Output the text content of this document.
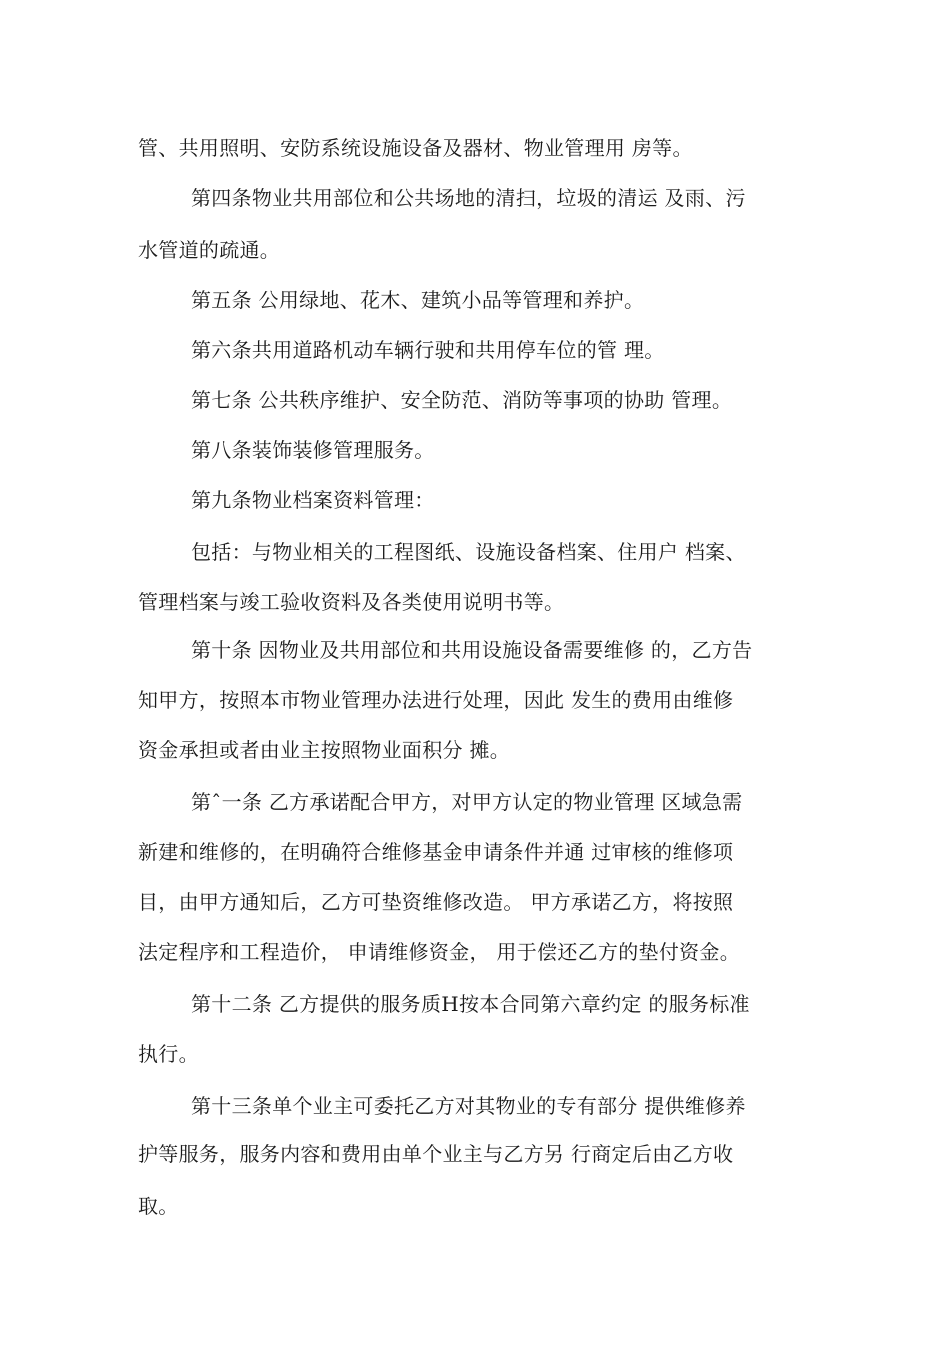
管、共用照明、安防系统设施设备及器材、物业管理用 房等。
第四条物业共用部位和公共场地的清扫，垃圾的清运 及雨、污
水管道的疏通。
第五条 公用绿地、花木、建筑小品等管理和养护。
第六条共用道路机动车辆行驶和共用停车位的管 理。
第七条 公共秩序维护、安全防范、消防等事项的协助 管理。
第八条装饰装修管理服务。
第九条物业档案资料管理：
包括：与物业相关的工程图纸、设施设备档案、住用户 档案、
管理档案与竣工验收资料及各类使用说明书等。
第十条 因物业及共用部位和共用设施设备需要维修 的，乙方告
知甲方，按照本市物业管理办法进行处理，因此 发生的费用由维修
资金承担或者由业主按照物业面积分 摊。
第ˆ一条 乙方承诺配合甲方，对甲方认定的物业管理 区域急需
新建和维修的，在明确符合维修基金申请条件并通 过审核的维修项
目，由甲方通知后，乙方可垫资维修改造。 甲方承诺乙方，将按照
法定程序和工程造价， 申请维修资金， 用于偿还乙方的垫付资金。
第十二条 乙方提供的服务质H按本合同第六章约定 的服务标准
执行。
第十三条单个业主可委托乙方对其物业的专有部分 提供维修养
护等服务，服务内容和费用由单个业主与乙方另 行商定后由乙方收
取。
